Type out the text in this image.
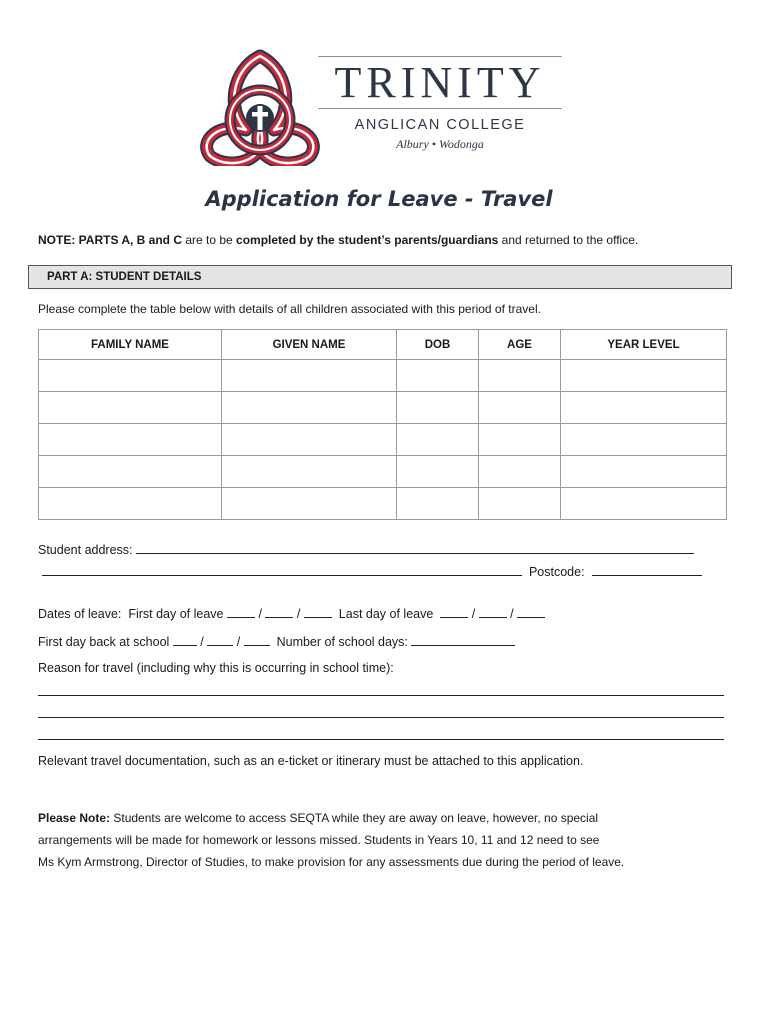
TRINITY
ANGLICAN COLLEGE
Albury • Wodonga
Application for Leave - Travel
NOTE: PARTS A, B and C are to be completed by the student’s parents/guardians and returned to the office.
PART A: STUDENT DETAILS
Please complete the table below with details of all children associated with this period of travel.
FAMILY NAME	GIVEN NAME	DOB	AGE	YEAR LEVEL

Student address:
Postcode:
Dates of leave:  First day of leave	/  /	Last day of leave	/  /
First day back at school  /  /	Number of school days:
Reason for travel (including why this is occurring in school time):
Relevant travel documentation, such as an e-ticket or itinerary must be attached to this application.
Please Note: Students are welcome to access SEQTA while they are away on leave, however, no special
arrangements will be made for homework or lessons missed. Students in Years 10, 11 and 12 need to see
Ms Kym Armstrong, Director of Studies, to make provision for any assessments due during the period of leave.
